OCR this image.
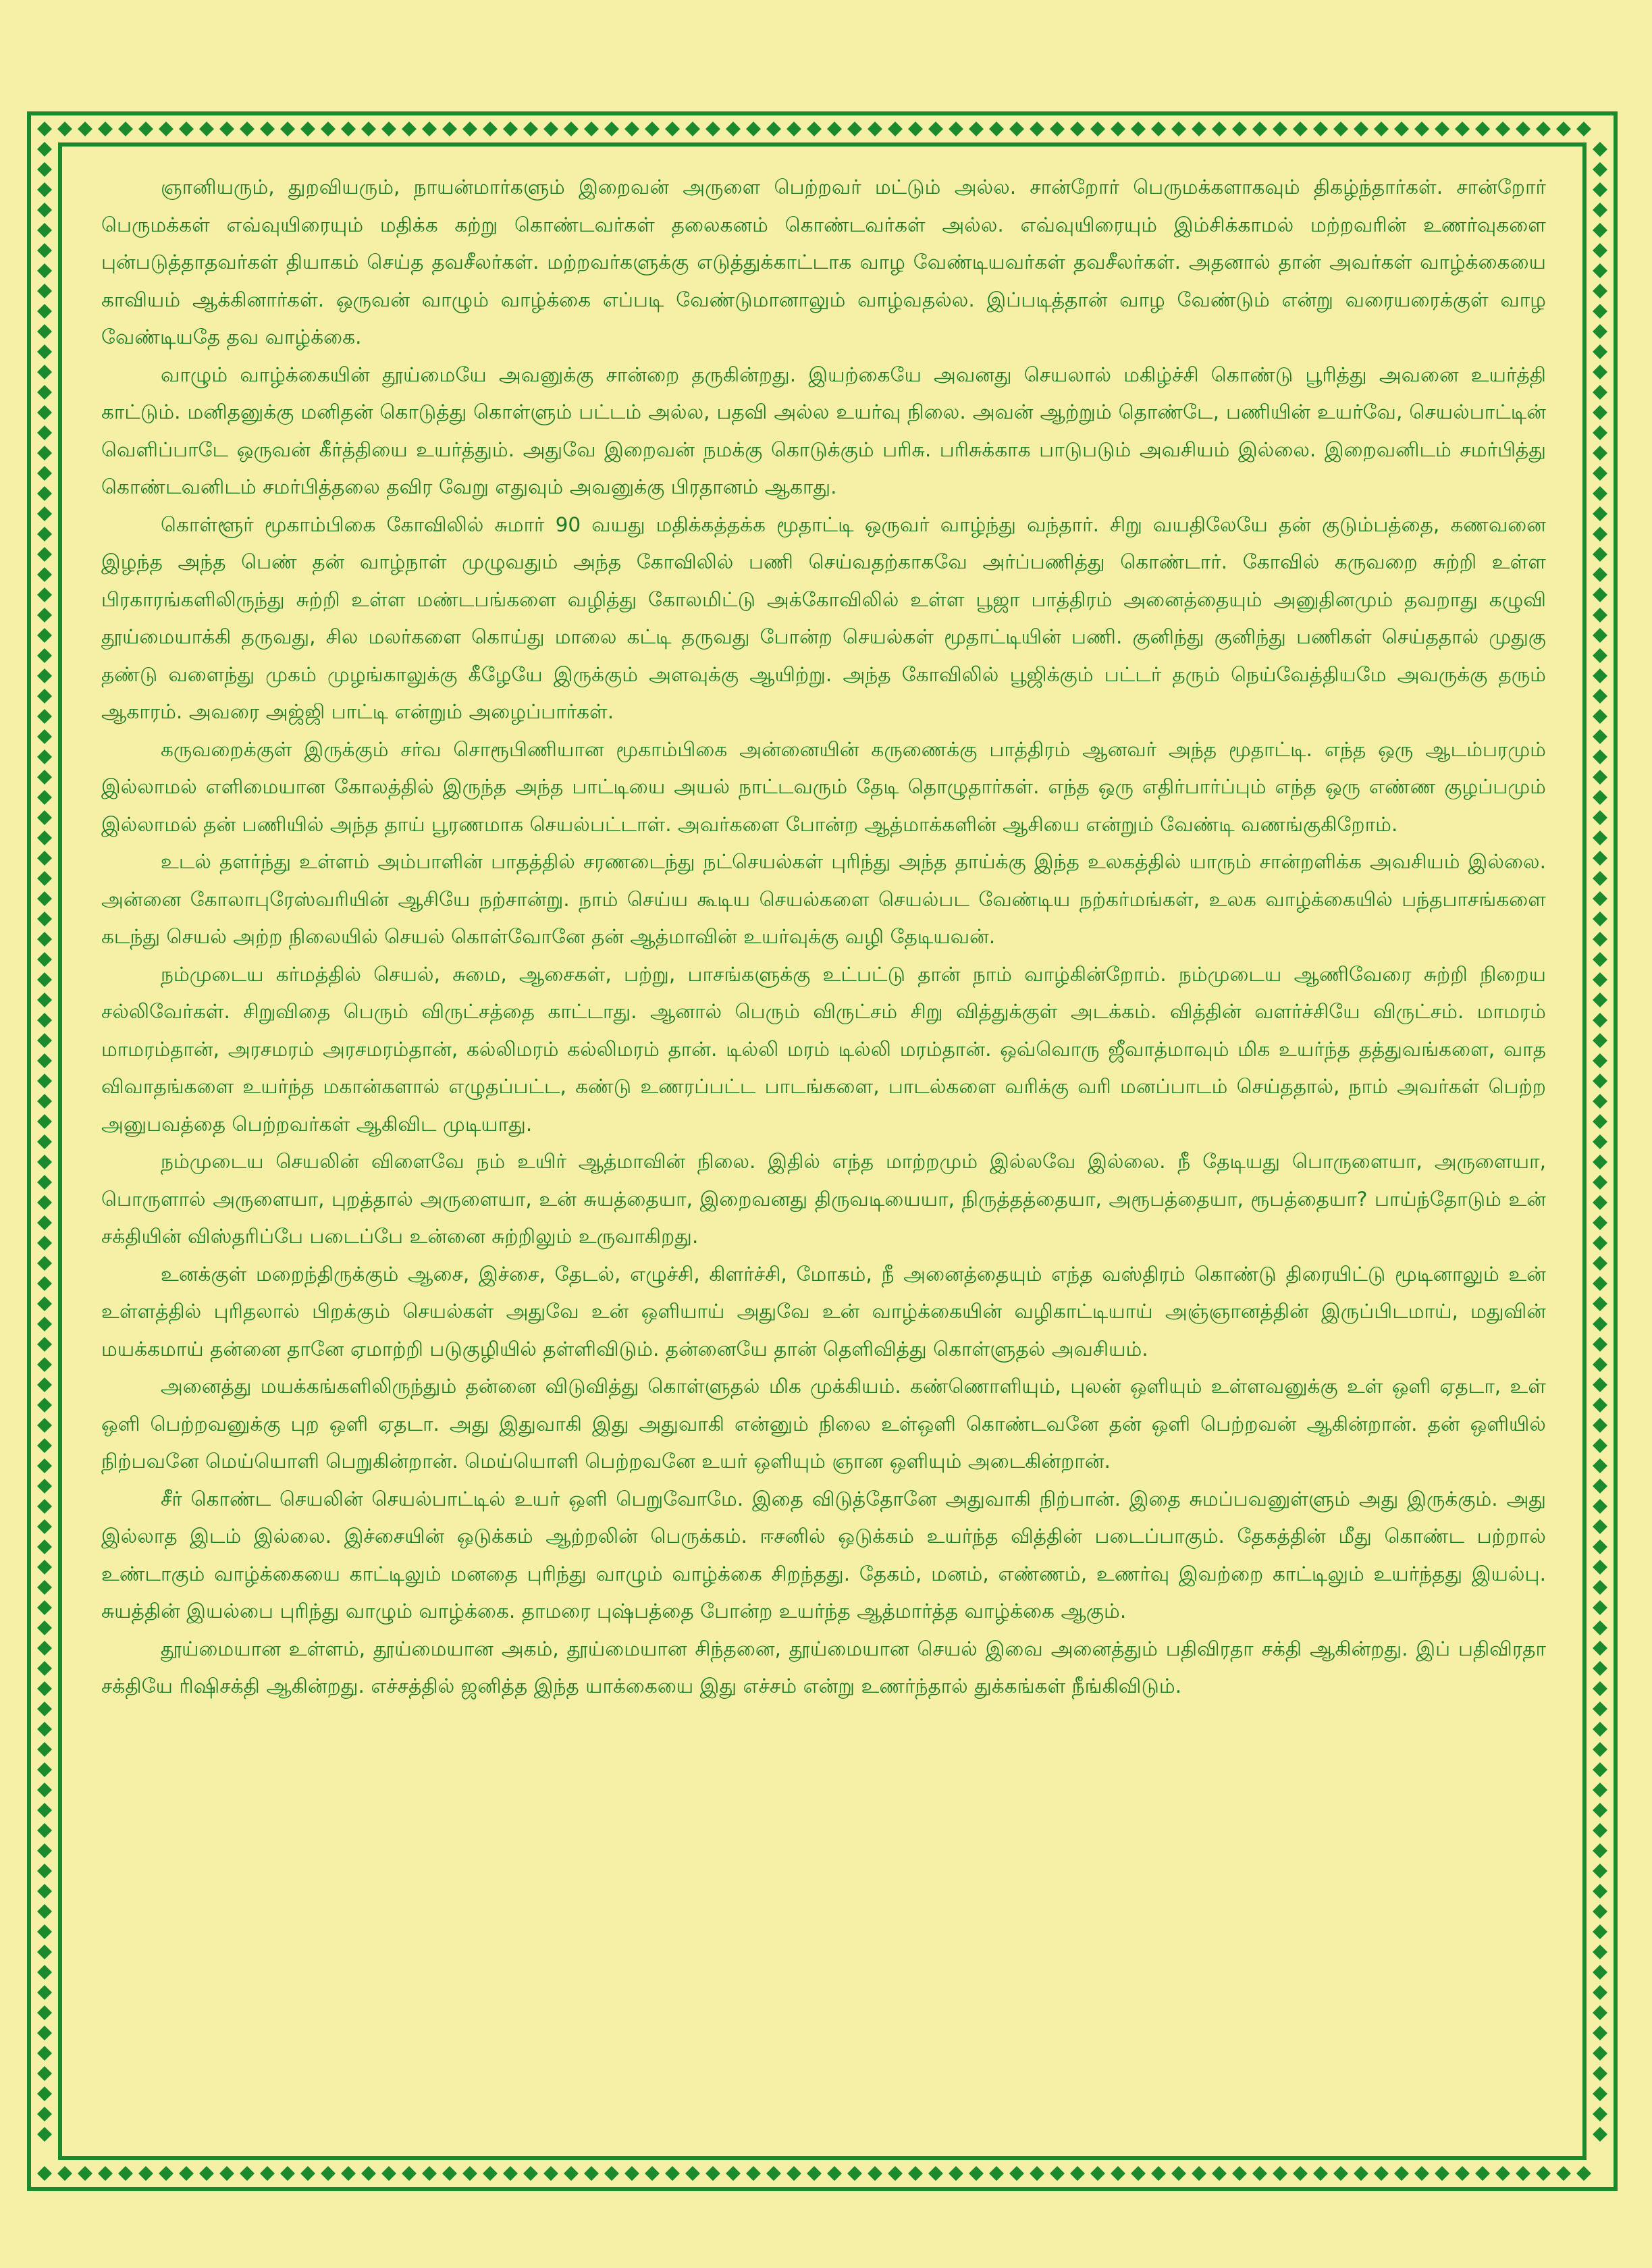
ஞானியரும், துறவியரும், நாயன்மார்களும் இறைவன் அருளை பெற்றவர் மட்டும் அல்ல. சான்றோர் பெருமக்களாகவும் திகழ்ந்தார்கள். சான்றோர் பெருமக்கள் எவ்வுயிரையும் மதிக்க கற்று கொண்டவர்கள் தலைகனம் கொண்டவர்கள் அல்ல. எவ்வுயிரையும் இம்சிக்காமல் மற்றவரின் உணர்வுகளை புன்படுத்தாதவர்கள் தியாகம் செய்த தவசீலர்கள். மற்றவர்களுக்கு எடுத்துக்காட்டாக வாழ வேண்டியவர்கள் தவசீலர்கள். அதனால் தான் அவர்கள் வாழ்க்கையை காவியம் ஆக்கினார்கள். ஒருவன் வாழும் வாழ்க்கை எப்படி வேண்டுமானாலும் வாழ்வதல்ல. இப்படித்தான் வாழ வேண்டும் என்று வரையரைக்குள் வாழ வேண்டியதே தவ வாழ்க்கை.

வாழும் வாழ்க்கையின் தூய்மையே அவனுக்கு சான்றை தருகின்றது. இயற்கையே அவனது செயலால் மகிழ்ச்சி கொண்டு பூரித்து அவனை உயர்த்தி காட்டும். மனிதனுக்கு மனிதன் கொடுத்து கொள்ளும் பட்டம் அல்ல, பதவி அல்ல உயர்வு நிலை. அவன் ஆற்றும் தொண்டே, பணியின் உயர்வே, செயல்பாட்டின் வெளிப்பாடே ஒருவன் கீர்த்தியை உயர்த்தும். அதுவே இறைவன் நமக்கு கொடுக்கும் பரிசு. பரிசுக்காக பாடுபடும் அவசியம் இல்லை. இறைவனிடம் சமர்பித்து கொண்டவனிடம் சமர்பித்தலை தவிர வேறு எதுவும் அவனுக்கு பிரதானம் ஆகாது.

கொள்ளூர் மூகாம்பிகை கோவிலில் சுமார் 90 வயது மதிக்கத்தக்க மூதாட்டி ஒருவர் வாழ்ந்து வந்தார். சிறு வயதிலேயே தன் குடும்பத்தை, கணவனை இழந்த அந்த பெண் தன் வாழ்நாள் முழுவதும் அந்த கோவிலில் பணி செய்வதற்காகவே அர்ப்பணித்து கொண்டார். கோவில் கருவறை சுற்றி உள்ள பிரகாரங்களிலிருந்து சுற்றி உள்ள மண்டபங்களை வழித்து கோலமிட்டு அக்கோவிலில் உள்ள பூஜா பாத்திரம் அனைத்தையும் அனுதினமும் தவறாது கழுவி தூய்மையாக்கி தருவது, சில மலர்களை கொய்து மாலை கட்டி தருவது போன்ற செயல்கள் மூதாட்டியின் பணி. குனிந்து குனிந்து பணிகள் செய்ததால் முதுகு தண்டு வளைந்து முகம் முழங்காலுக்கு கீழேயே இருக்கும் அளவுக்கு ஆயிற்று. அந்த கோவிலில் பூஜிக்கும் பட்டர் தரும் நெய்வேத்தியமே அவருக்கு தரும் ஆகாரம். அவரை அஜ்ஜி பாட்டி என்றும் அழைப்பார்கள்.

கருவறைக்குள் இருக்கும் சர்வ சொரூபிணியான மூகாம்பிகை அன்னையின் கருணைக்கு பாத்திரம் ஆனவர் அந்த மூதாட்டி. எந்த ஒரு ஆடம்பரமும் இல்லாமல் எளிமையான கோலத்தில் இருந்த அந்த பாட்டியை அயல் நாட்டவரும் தேடி தொழுதார்கள். எந்த ஒரு எதிர்பார்ப்பும் எந்த ஒரு எண்ண குழப்பமும் இல்லாமல் தன் பணியில் அந்த தாய் பூரணமாக செயல்பட்டாள். அவர்களை போன்ற ஆத்மாக்களின் ஆசியை என்றும் வேண்டி வணங்குகிறோம்.

உடல் தளர்ந்து உள்ளம் அம்பாளின் பாதத்தில் சரணடைந்து நட்செயல்கள் புரிந்து அந்த தாய்க்கு இந்த உலகத்தில் யாரும் சான்றளிக்க அவசியம் இல்லை. அன்னை கோலாபுரேஸ்வரியின் ஆசியே நற்சான்று. நாம் செய்ய கூடிய செயல்களை செயல்பட வேண்டிய நற்கர்மங்கள், உலக வாழ்க்கையில் பந்தபாசங்களை கடந்து செயல் அற்ற நிலையில் செயல் கொள்வோனே தன் ஆத்மாவின் உயர்வுக்கு வழி தேடியவன்.

நம்முடைய கர்மத்தில் செயல், சுமை, ஆசைகள், பற்று, பாசங்களுக்கு உட்பட்டு தான் நாம் வாழ்கின்றோம். நம்முடைய ஆணிவேரை சுற்றி நிறைய சல்லிவேர்கள். சிறுவிதை பெரும் விருட்சத்தை காட்டாது. ஆனால் பெரும் விருட்சம் சிறு வித்துக்குள் அடக்கம். வித்தின் வளர்ச்சியே விருட்சம். மாமரம் மாமரம்தான், அரசமரம் அரசமரம்தான், கல்லிமரம் கல்லிமரம் தான். டில்லி மரம் டில்லி மரம்தான். ஒவ்வொரு ஜீவாத்மாவும் மிக உயர்ந்த தத்துவங்களை, வாத விவாதங்களை உயர்ந்த மகான்களால் எழுதப்பட்ட, கண்டு உணரப்பட்ட பாடங்களை, பாடல்களை வரிக்கு வரி மனப்பாடம் செய்ததால், நாம் அவர்கள் பெற்ற அனுபவத்தை பெற்றவர்கள் ஆகிவிட முடியாது.

நம்முடைய செயலின் விளைவே நம் உயிர் ஆத்மாவின் நிலை. இதில் எந்த மாற்றமும் இல்லவே இல்லை. நீ தேடியது பொருளையா, அருளையா, பொருளால் அருளையா, புறத்தால் அருளையா, உன் சுயத்தையா, இறைவனது திருவடியையா, நிருத்தத்தையா, அரூபத்தையா, ரூபத்தையா? பாய்ந்தோடும் உன் சக்தியின் விஸ்தரிப்பே படைப்பே உன்னை சுற்றிலும் உருவாகிறது.

உனக்குள் மறைந்திருக்கும் ஆசை, இச்சை, தேடல், எழுச்சி, கிளர்ச்சி, மோகம், நீ அனைத்தையும் எந்த வஸ்திரம் கொண்டு திரையிட்டு மூடினாலும் உன் உள்ளத்தில் புரிதலால் பிறக்கும் செயல்கள் அதுவே உன் ஒளியாய் அதுவே உன் வாழ்க்கையின் வழிகாட்டியாய் அஞ்ஞானத்தின் இருப்பிடமாய், மதுவின் மயக்கமாய் தன்னை தானே ஏமாற்றி படுகுழியில் தள்ளிவிடும். தன்னையே தான் தெளிவித்து கொள்ளுதல் அவசியம்.

அனைத்து மயக்கங்களிலிருந்தும் தன்னை விடுவித்து கொள்ளுதல் மிக முக்கியம். கண்ணொளியும், புலன் ஒளியும் உள்ளவனுக்கு உள் ஒளி ஏதடா, உள் ஒளி பெற்றவனுக்கு புற ஒளி ஏதடா. அது இதுவாகி இது அதுவாகி என்னும் நிலை உள்ஒளி கொண்டவனே தன் ஒளி பெற்றவன் ஆகின்றான். தன் ஒளியில் நிற்பவனே மெய்யொளி பெறுகின்றான். மெய்யொளி பெற்றவனே உயர் ஒளியும் ஞான ஒளியும் அடைகின்றான்.

சீர் கொண்ட செயலின் செயல்பாட்டில் உயர் ஒளி பெறுவோமே. இதை விடுத்தோனே அதுவாகி நிற்பான். இதை சுமப்பவனுள்ளும் அது இருக்கும். அது இல்லாத இடம் இல்லை. இச்சையின் ஒடுக்கம் ஆற்றலின் பெருக்கம். ஈசனில் ஒடுக்கம் உயர்ந்த வித்தின் படைப்பாகும். தேகத்தின் மீது கொண்ட பற்றால் உண்டாகும் வாழ்க்கையை காட்டிலும் மனதை புரிந்து வாழும் வாழ்க்கை சிறந்தது. தேகம், மனம், எண்ணம், உணர்வு இவற்றை காட்டிலும் உயர்ந்தது இயல்பு. சுயத்தின் இயல்பை புரிந்து வாழும் வாழ்க்கை. தாமரை புஷ்பத்தை போன்ற உயர்ந்த ஆத்மார்த்த வாழ்க்கை ஆகும்.

தூய்மையான உள்ளம், தூய்மையான அகம், தூய்மையான சிந்தனை, தூய்மையான செயல் இவை அனைத்தும் பதிவிரதா சக்தி ஆகின்றது. இப் பதிவிரதா சக்தியே ரிஷிசக்தி ஆகின்றது. எச்சத்தில் ஜனித்த இந்த யாக்கையை இது எச்சம் என்று உணர்ந்தால் துக்கங்கள் நீங்கிவிடும்.
